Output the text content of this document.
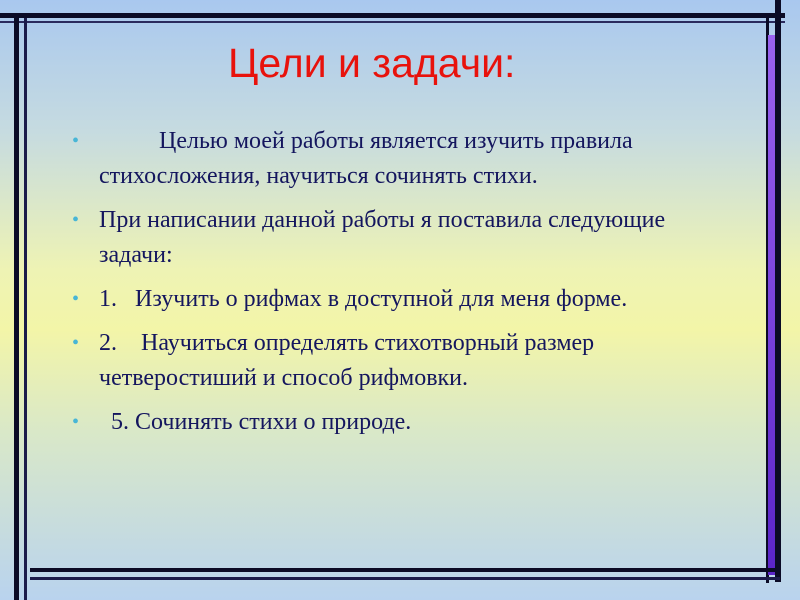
Цели и задачи:
•	Целью моей работы является изучить правила стихосложения, научиться сочинять стихи.
• При написании данной работы я поставила следующие задачи:
• 1.   Изучить о рифмах в доступной для меня форме.
• 2.    Научиться определять стихотворный размер четверостиший и способ рифмовки.
• 5. Сочинять стихи о природе.
